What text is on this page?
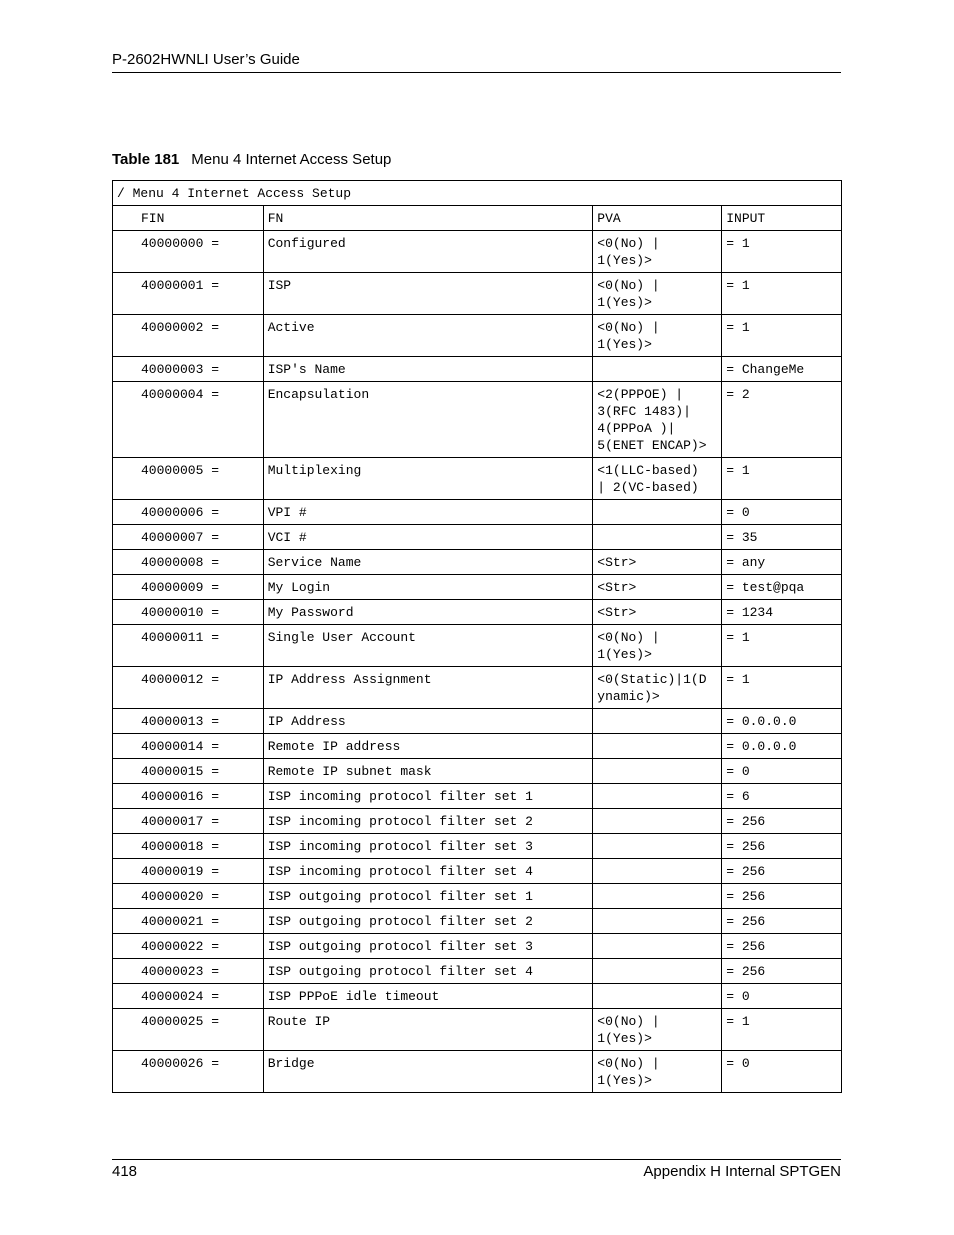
P-2602HWNLI User’s Guide
Table 181 Menu 4 Internet Access Setup
/ Menu 4 Internet Access Setup			
FIN	FN	PVA	INPUT
40000000 =	Configured	<0(No) |
1(Yes)>	= 1
40000001 =	ISP	<0(No) |
1(Yes)>	= 1
40000002 =	Active	<0(No) |
1(Yes)>	= 1
40000003 =	ISP's Name		= ChangeMe
40000004 =	Encapsulation	<2(PPPOE) |
3(RFC 1483)|
4(PPPoA )|
5(ENET ENCAP)>	= 2
40000005 =	Multiplexing	<1(LLC-based)
| 2(VC-based)	= 1
40000006 =	VPI #		= 0
40000007 =	VCI #		= 35
40000008 =	Service Name	<Str>	= any
40000009 =	My Login	<Str>	= test@pqa
40000010 =	My Password	<Str>	= 1234
40000011 =	Single User Account	<0(No) |
1(Yes)>	= 1
40000012 =	IP Address Assignment	<0(Static)|1(D
ynamic)>	= 1
40000013 =	IP Address		= 0.0.0.0
40000014 =	Remote IP address		= 0.0.0.0
40000015 =	Remote IP subnet mask		= 0
40000016 =	ISP incoming protocol filter set 1		= 6
40000017 =	ISP incoming protocol filter set 2		= 256
40000018 =	ISP incoming protocol filter set 3		= 256
40000019 =	ISP incoming protocol filter set 4		= 256
40000020 =	ISP outgoing protocol filter set 1		= 256
40000021 =	ISP outgoing protocol filter set 2		= 256
40000022 =	ISP outgoing protocol filter set 3		= 256
40000023 =	ISP outgoing protocol filter set 4		= 256
40000024 =	ISP PPPoE idle timeout		= 0
40000025 =	Route IP	<0(No) |
1(Yes)>	= 1
40000026 =	Bridge	<0(No) |
1(Yes)>	= 0
418	Appendix H Internal SPTGEN
